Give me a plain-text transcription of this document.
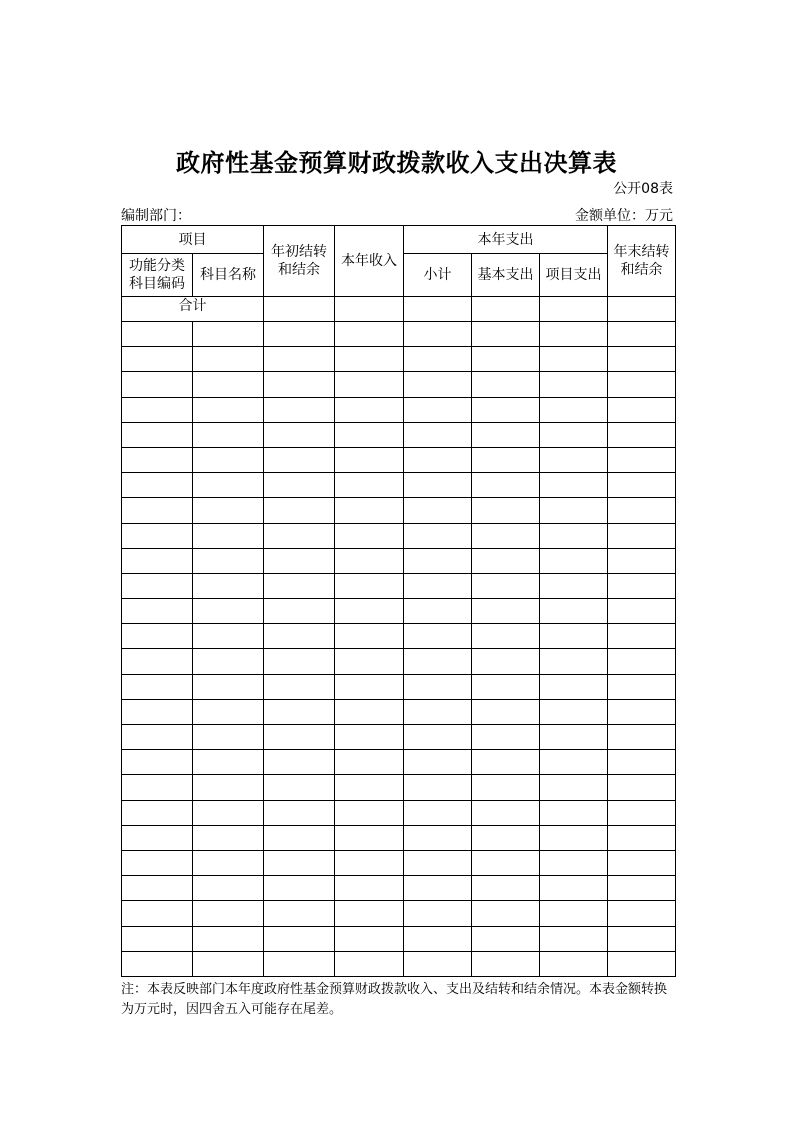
政府性基金预算财政拨款收入支出决算表
公开08表
编制部门：	金额单位：万元
项目		年初结转和结余	本年收入	本年支出			年末结转和结余

功能分类科目编码	科目名称			小计	基本支出	项目支出	
合计							

注：本表反映部门本年度政府性基金预算财政拨款收入、支出及结转和结余情况。本表金额转换为万元时，因四舍五入可能存在尾差。
